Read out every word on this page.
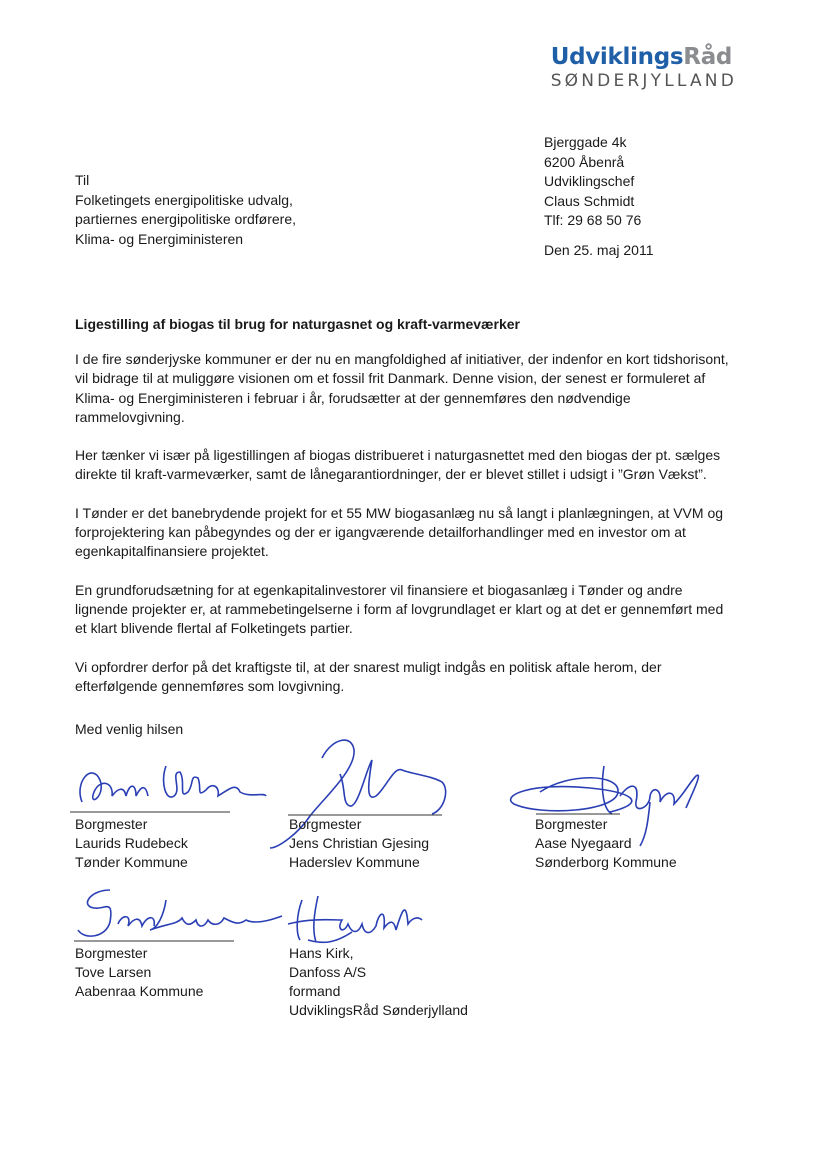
UdviklingsRåd
SØNDERJYLLAND
Bjerggade 4k
6200 Åbenrå
Udviklingschef
Claus Schmidt
Tlf: 29 68 50 76
Den 25. maj 2011
Til
Folketingets energipolitiske udvalg,
partiernes energipolitiske ordførere,
Klima- og Energiministeren
Ligestilling af biogas til brug for naturgasnet og kraft-varmeværker

I de fire sønderjyske kommuner er der nu en mangfoldighed af initiativer, der indenfor en kort tidshorisont, vil bidrage til at muliggøre visionen om et fossil frit Danmark. Denne vision, der senest er formuleret af Klima- og Energiministeren i februar i år, forudsætter at der gennemføres den nødvendige rammelovgivning.

Her tænker vi især på ligestillingen af biogas distribueret i naturgasnettet med den biogas der pt. sælges direkte til kraft-varmeværker, samt de lånegarantiordninger, der er blevet stillet i udsigt i ”Grøn Vækst”.

I Tønder er det banebrydende projekt for et 55 MW biogasanlæg nu så langt i planlægningen, at VVM og forprojektering kan påbegyndes og der er igangværende detailforhandlinger med en investor om at egenkapitalfinansiere projektet.

En grundforudsætning for at egenkapitalinvestorer vil finansiere et biogasanlæg i Tønder og andre lignende projekter er, at rammebetingelserne i form af lovgrundlaget er klart og at det er gennemført med et klart blivende flertal af Folketingets partier.

Vi opfordrer derfor på det kraftigste til, at der snarest muligt indgås en politisk aftale herom, der efterfølgende gennemføres som lovgivning.

Med venlig hilsen
Borgmester
Laurids Rudebeck
Tønder Kommune
Borgmester
Jens Christian Gjesing
Haderslev Kommune
Borgmester
Aase Nyegaard
Sønderborg Kommune
Borgmester
Tove Larsen
Aabenraa Kommune
Hans Kirk,
Danfoss A/S
formand
UdviklingsRåd Sønderjylland
